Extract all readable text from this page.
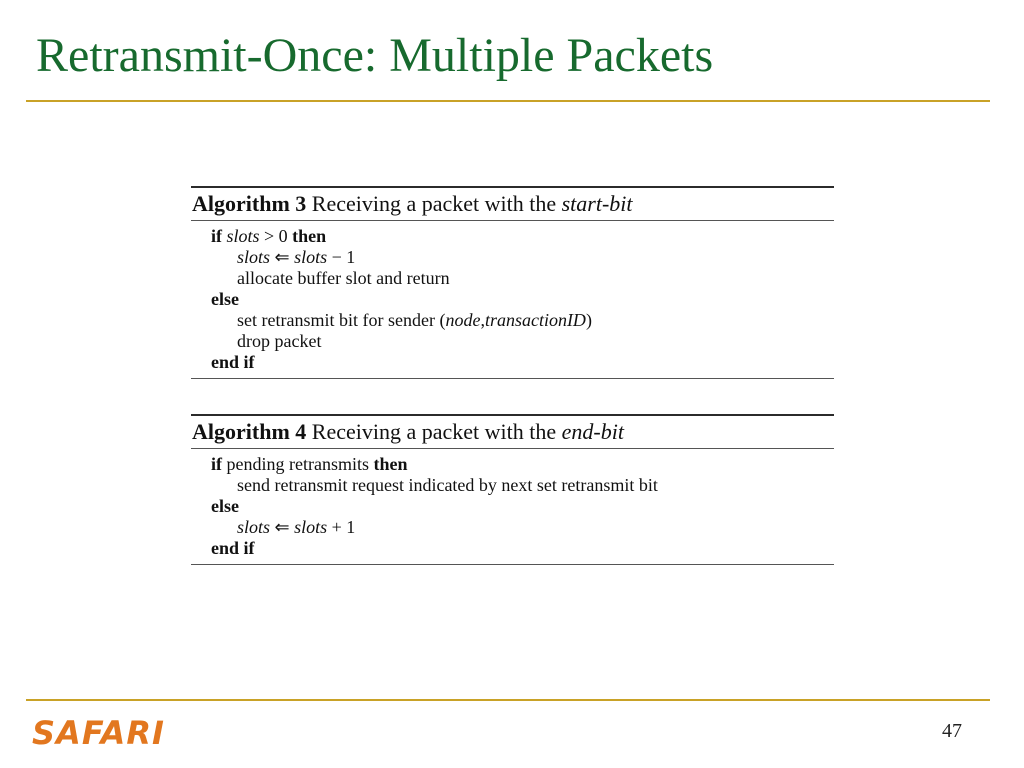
Retransmit-Once: Multiple Packets
Algorithm 3 Receiving a packet with the start-bit
if slots > 0 then
slots ⇐ slots − 1
allocate buffer slot and return
else
set retransmit bit for sender (node,transactionID)
drop packet
end if
Algorithm 4 Receiving a packet with the end-bit
if pending retransmits then
send retransmit request indicated by next set retransmit bit
else
slots ⇐ slots + 1
end if
SAFARI	47
